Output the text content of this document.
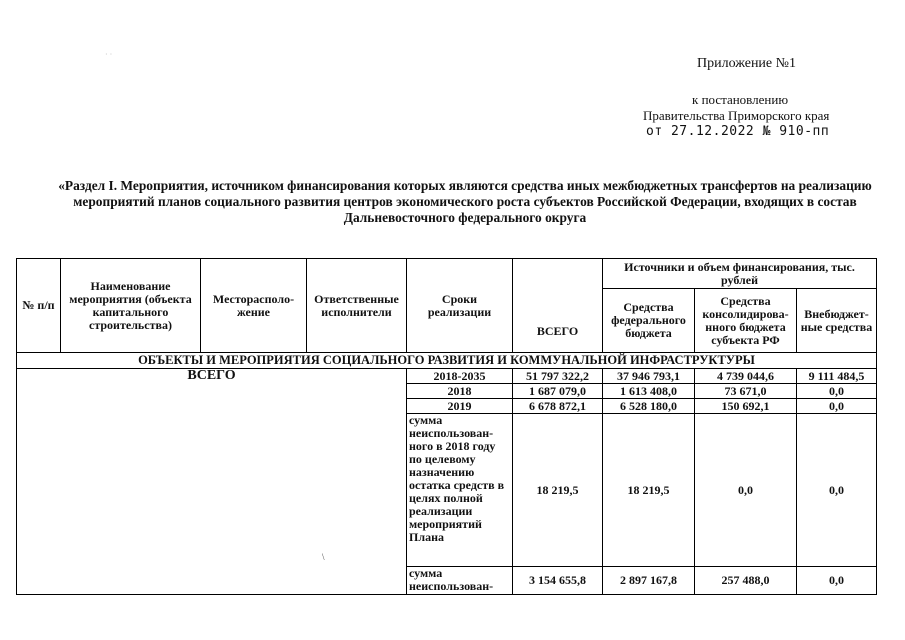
· ·
\
Приложение №1
к постановлению
Правительства Приморского края
от 27.12.2022 № 910-пп
«Раздел I. Мероприятия, источником финансирования которых являются средства иных межбюджетных трансфертов на реализацию мероприятий планов социального развития центров экономического роста субъектов Российской Федерации, входящих в состав Дальневосточного федерального округа
№ п/п	Наименование мероприятия (объекта капитального строительства)	Месторасполо-жение	Ответственные исполнители	Сроки реализации	ВСЕГО	Источники и объем финансирования, тыс. рублей		
						Средства федерального бюджета	Средства консолидирова-нного бюджета субъекта РФ	Внебюджет-ные средства
ОБЪЕКТЫ И МЕРОПРИЯТИЯ СОЦИАЛЬНОГО РАЗВИТИЯ И КОММУНАЛЬНОЙ ИНФРАСТРУКТУРЫ								
ВСЕГО				2018-2035	51 797 322,2	37 946 793,1	4 739 044,6	9 111 484,5
				2018	1 687 079,0	1 613 408,0	73 671,0	0,0
				2019	6 678 872,1	6 528 180,0	150 692,1	0,0
				сумма неиспользован-ного в 2018 году по целевому назначению остатка средств в целях полной реализации мероприятий Плана	18 219,5	18 219,5	0,0	0,0
				сумма неиспользован-	3 154 655,8	2 897 167,8	257 488,0	0,0
